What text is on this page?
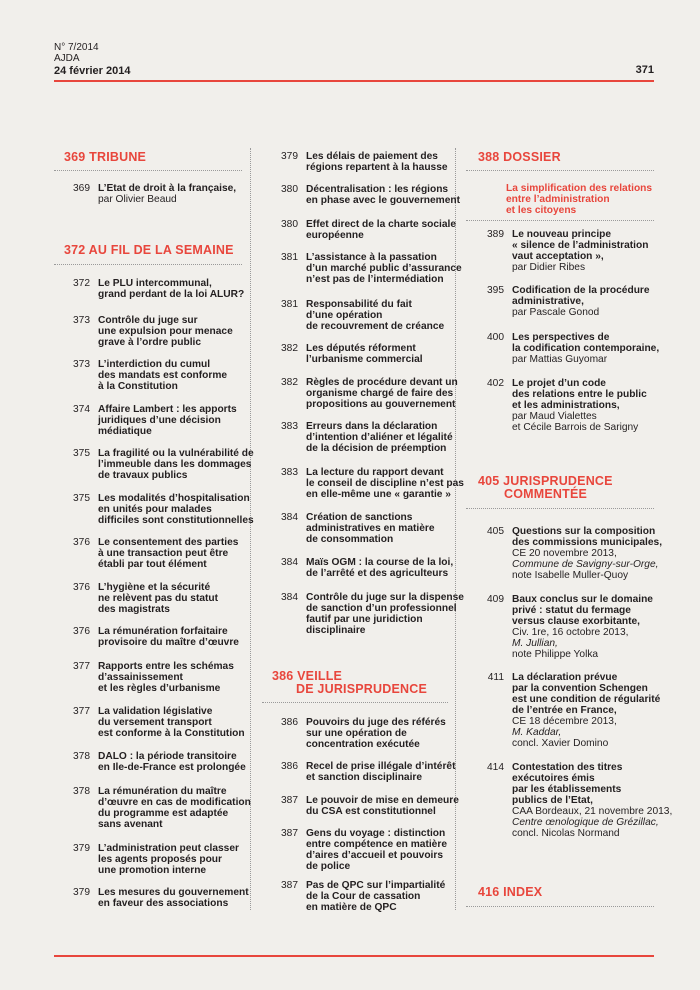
N° 7/2014
AJDA
24 février 2014	371
369 TRIBUNE
372 AU FIL DE LA SEMAINE
386 VEILLE
DE JURISPRUDENCE
388 DOSSIER
La simplification des relations
entre l’administration
et les citoyens
405 JURISPRUDENCE
COMMENTÉE
416 INDEX
369 L’Etat de droit à la française,
par Olivier Beaud
372 Le PLU intercommunal,
grand perdant de la loi ALUR?
373 Contrôle du juge sur
une expulsion pour menace
grave à l’ordre public
373 L’interdiction du cumul
des mandats est conforme
à la Constitution
374 Affaire Lambert : les apports
juridiques d’une décision
médiatique
375 La fragilité ou la vulnérabilité de
l’immeuble dans les dommages
de travaux publics
375 Les modalités d’hospitalisation
en unités pour malades
difficiles sont constitutionnelles
376 Le consentement des parties
à une transaction peut être
établi par tout élément
376 L’hygiène et la sécurité
ne relèvent pas du statut
des magistrats
376 La rémunération forfaitaire
provisoire du maître d’œuvre
377 Rapports entre les schémas
d’assainissement
et les règles d’urbanisme
377 La validation législative
du versement transport
est conforme à la Constitution
378 DALO : la période transitoire
en Ile-de-France est prolongée
378 La rémunération du maître
d’œuvre en cas de modification
du programme est adaptée
sans avenant
379 L’administration peut classer
les agents proposés pour
une promotion interne
379 Les mesures du gouvernement
en faveur des associations
379 Les délais de paiement des
régions repartent à la hausse
380 Décentralisation : les régions
en phase avec le gouvernement
380 Effet direct de la charte sociale
européenne
381 L’assistance à la passation
d’un marché public d’assurance
n’est pas de l’intermédiation
381 Responsabilité du fait
d’une opération
de recouvrement de créance
382 Les députés réforment
l’urbanisme commercial
382 Règles de procédure devant un
organisme chargé de faire des
propositions au gouvernement
383 Erreurs dans la déclaration
d’intention d’aliéner et légalité
de la décision de préemption
383 La lecture du rapport devant
le conseil de discipline n’est pas
en elle-même une « garantie »
384 Création de sanctions
administratives en matière
de consommation
384 Maïs OGM : la course de la loi,
de l’arrêté et des agriculteurs
384 Contrôle du juge sur la dispense
de sanction d’un professionnel
fautif par une juridiction
disciplinaire
386 Pouvoirs du juge des référés
sur une opération de
concentration exécutée
386 Recel de prise illégale d’intérêt
et sanction disciplinaire
387 Le pouvoir de mise en demeure
du CSA est constitutionnel
387 Gens du voyage : distinction
entre compétence en matière
d’aires d’accueil et pouvoirs
de police
387 Pas de QPC sur l’impartialité
de la Cour de cassation
en matière de QPC
389 Le nouveau principe
« silence de l’administration
vaut acceptation »,
par Didier Ribes
395 Codification de la procédure
administrative,
par Pascale Gonod
400 Les perspectives de
la codification contemporaine,
par Mattias Guyomar
402 Le projet d’un code
des relations entre le public
et les administrations,
par Maud Vialettes
et Cécile Barrois de Sarigny
405 Questions sur la composition
des commissions municipales,
CE 20 novembre 2013,
Commune de Savigny-sur-Orge,
note Isabelle Muller-Quoy
409 Baux conclus sur le domaine
privé : statut du fermage
versus clause exorbitante,
Civ. 1re, 16 octobre 2013,
M. Jullian,
note Philippe Yolka
411 La déclaration prévue
par la convention Schengen
est une condition de régularité
de l’entrée en France,
CE 18 décembre 2013,
M. Kaddar,
concl. Xavier Domino
414 Contestation des titres
exécutoires émis
par les établissements
publics de l’Etat,
CAA Bordeaux, 21 novembre 2013,
Centre œnologique de Grézillac,
concl. Nicolas Normand
